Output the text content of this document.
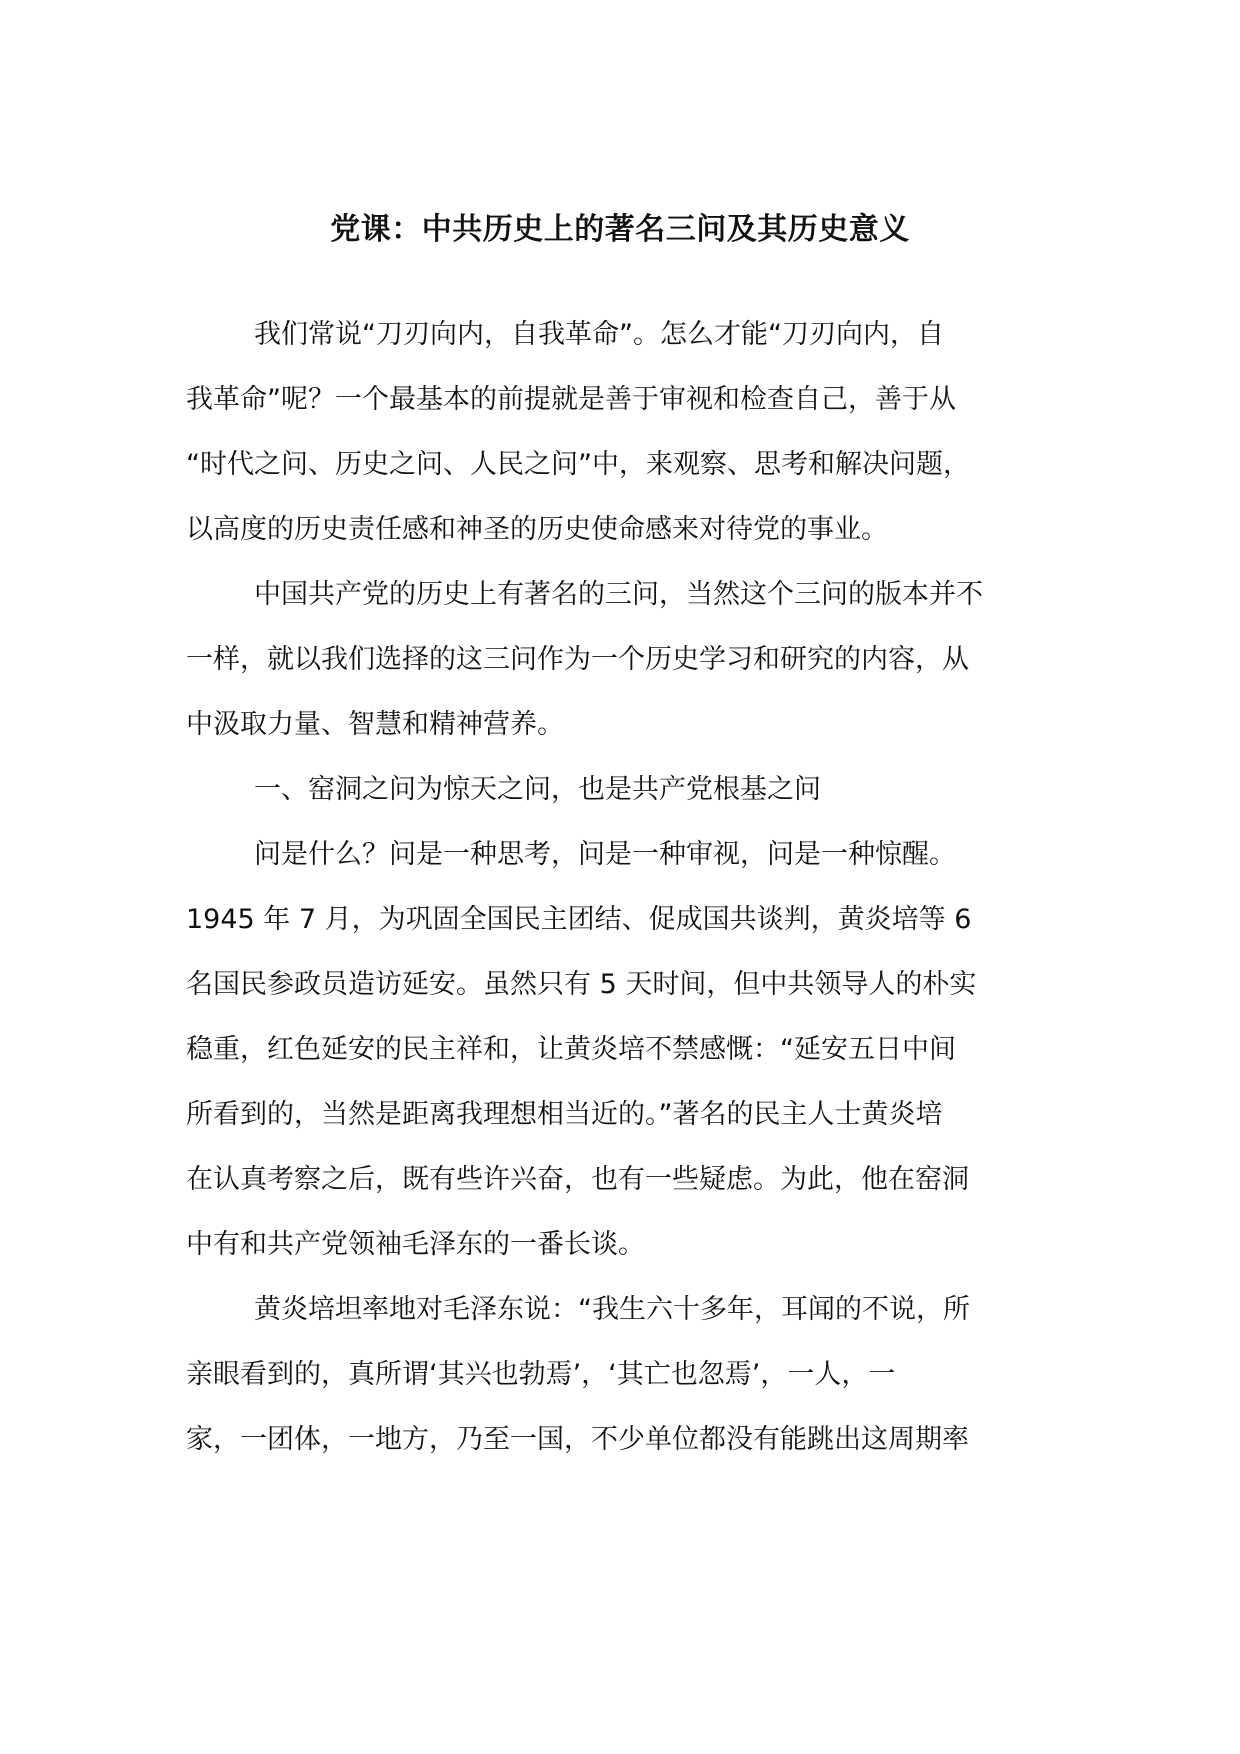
党课：中共历史上的著名三问及其历史意义
我们常说“刀刃向内，自我革命”。怎么才能“刀刃向内，自
我革命”呢？一个最基本的前提就是善于审视和检查自己，善于从
“时代之问、历史之问、人民之问”中，来观察、思考和解决问题，
以高度的历史责任感和神圣的历史使命感来对待党的事业。
中国共产党的历史上有著名的三问，当然这个三问的版本并不
一样，就以我们选择的这三问作为一个历史学习和研究的内容，从
中汲取力量、智慧和精神营养。
一、窑洞之问为惊天之问，也是共产党根基之问
问是什么？问是一种思考，问是一种审视，问是一种惊醒。
1945 年 7 月，为巩固全国民主团结、促成国共谈判，黄炎培等 6
名国民参政员造访延安。虽然只有 5 天时间，但中共领导人的朴实
稳重，红色延安的民主祥和，让黄炎培不禁感慨：“延安五日中间
所看到的，当然是距离我理想相当近的。”著名的民主人士黄炎培
在认真考察之后，既有些许兴奋，也有一些疑虑。为此，他在窑洞
中有和共产党领袖毛泽东的一番长谈。
黄炎培坦率地对毛泽东说：“我生六十多年，耳闻的不说，所
亲眼看到的，真所谓‘其兴也勃焉’，‘其亡也忽焉’，一人，一
家，一团体，一地方，乃至一国，不少单位都没有能跳出这周期率
